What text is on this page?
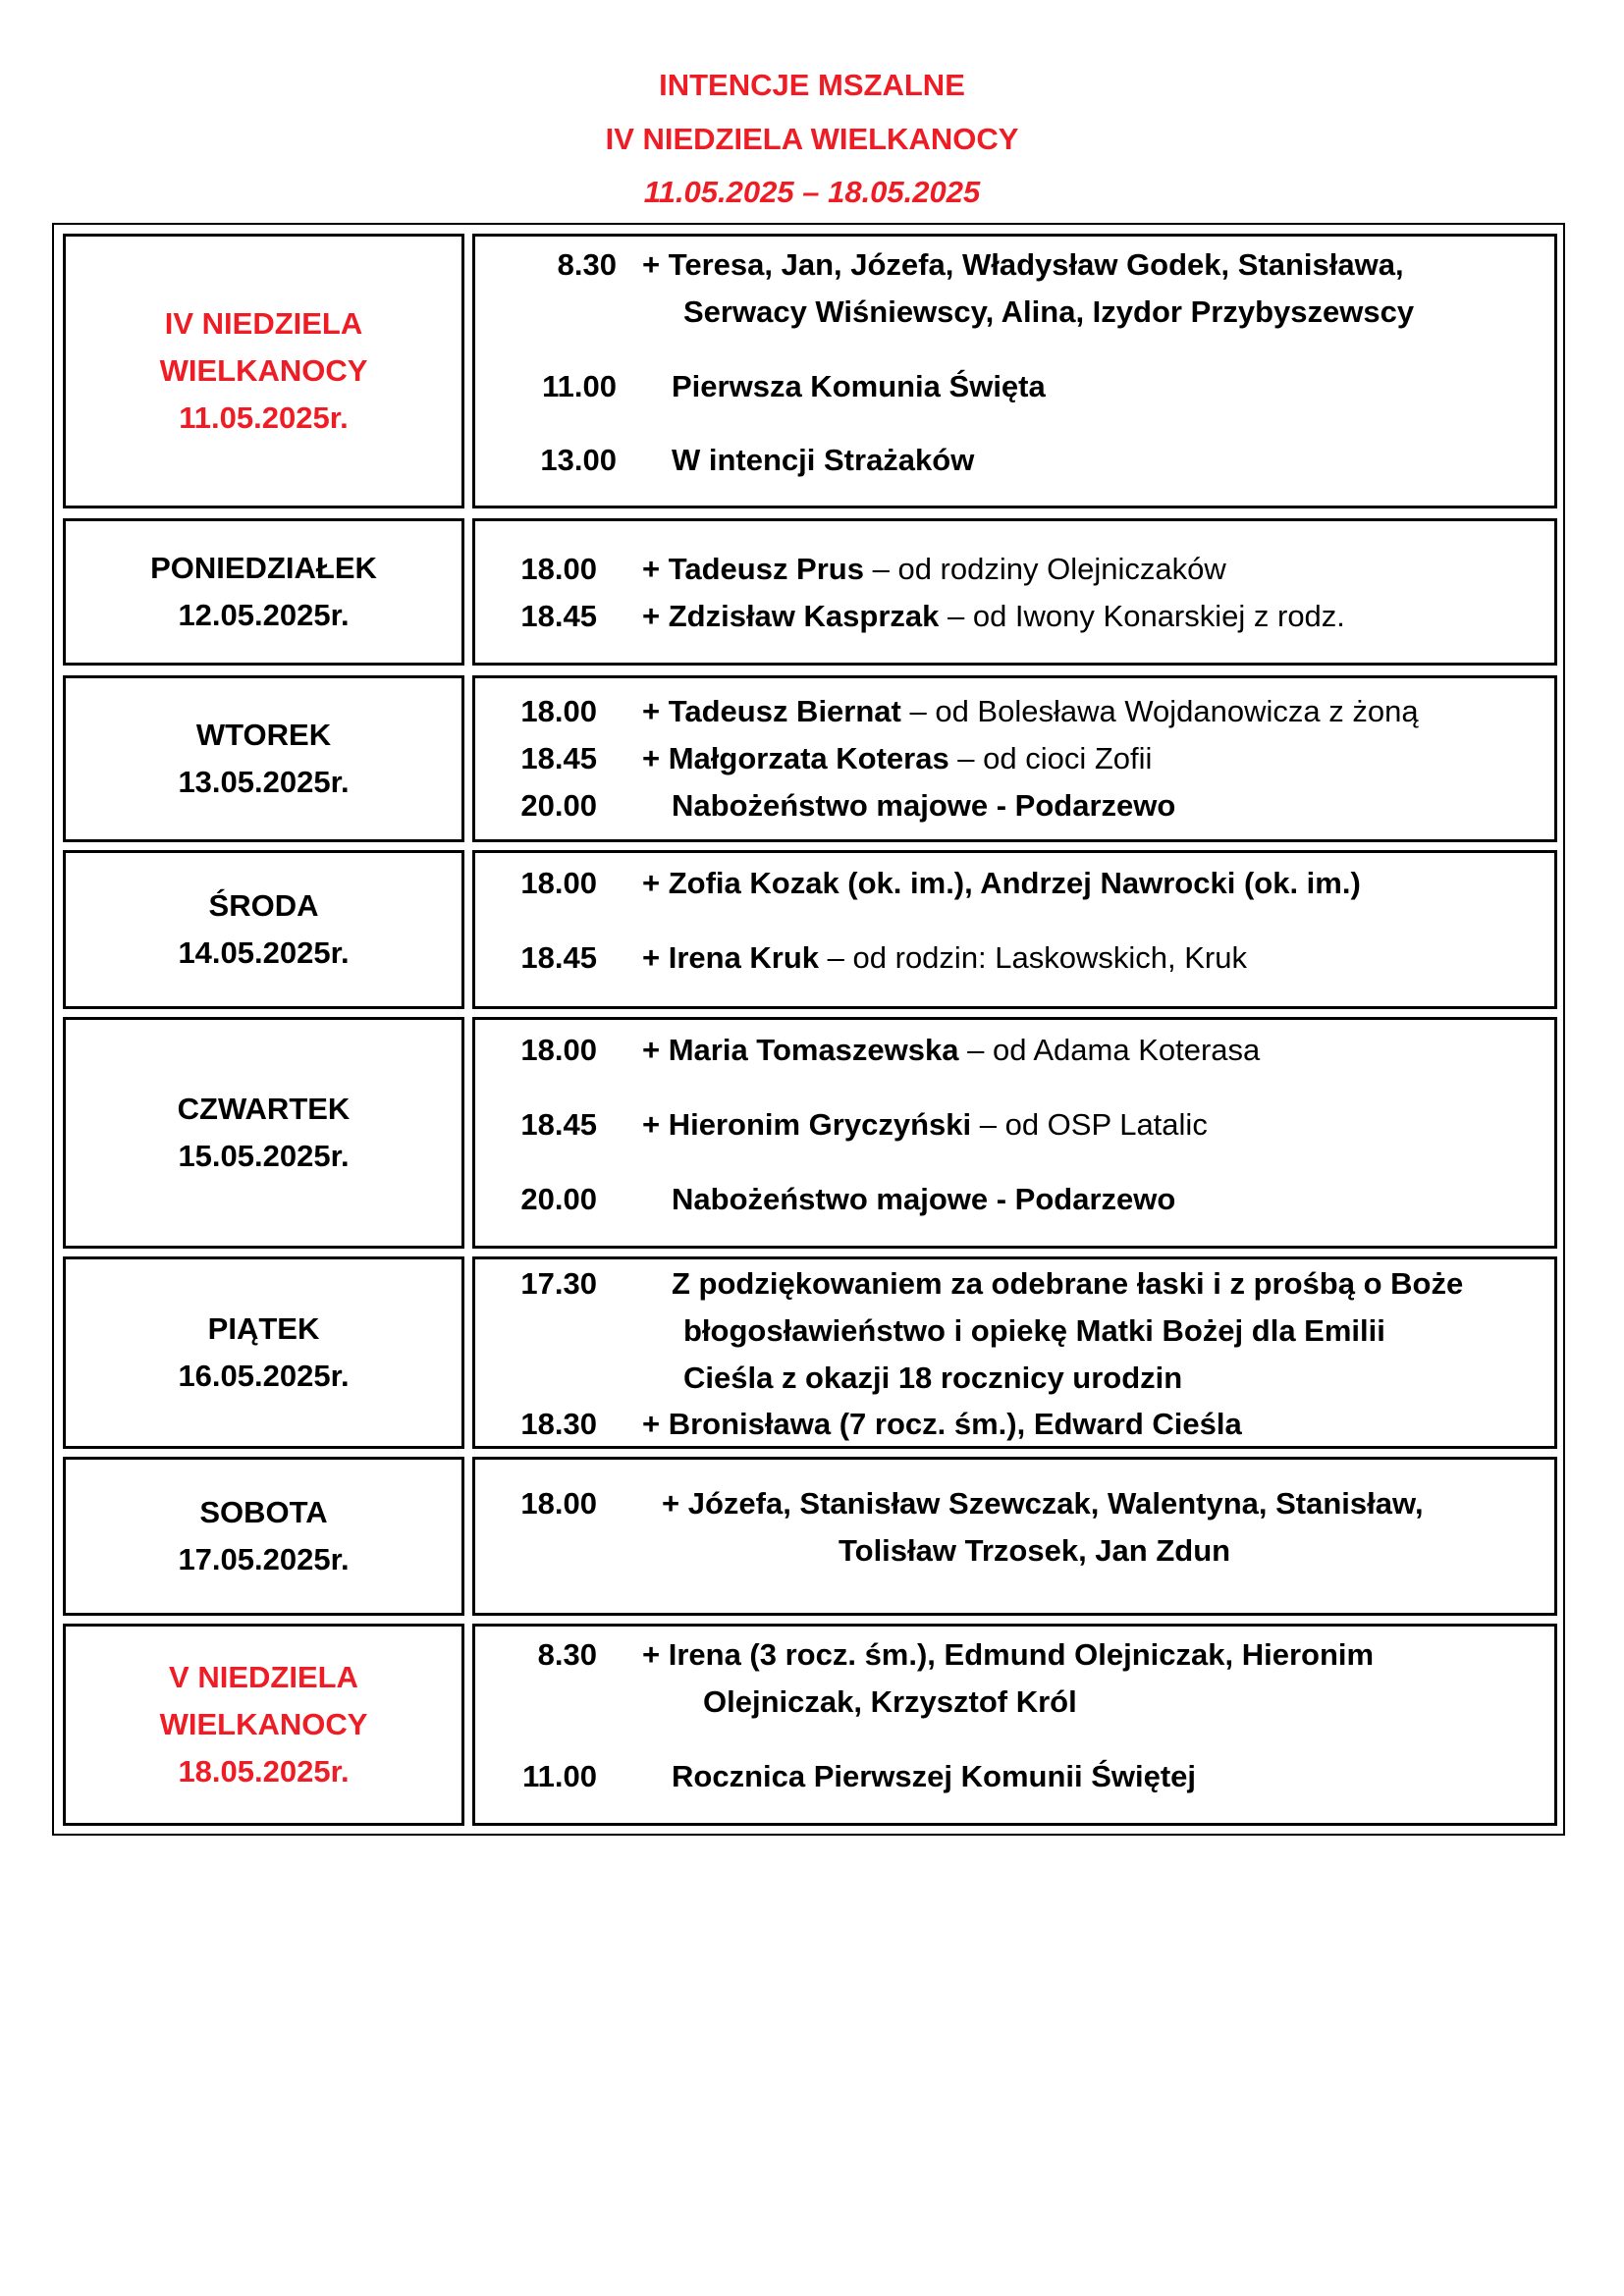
INTENCJE MSZALNE
IV NIEDZIELA WIELKANOCY
11.05.2025 – 18.05.2025
IV NIEDZIELA
WIELKANOCY
11.05.2025r.
8.30 + Teresa, Jan, Józefa, Władysław Godek, Stanisława,
Serwacy Wiśniewscy, Alina, Izydor Przybyszewscy
11.00 Pierwsza Komunia Święta
13.00 W intencji Strażaków
PONIEDZIAŁEK
12.05.2025r.
18.00 + Tadeusz Prus – od rodziny Olejniczaków
18.45 + Zdzisław Kasprzak – od Iwony Konarskiej z rodz.
WTOREK
13.05.2025r.
18.00 + Tadeusz Biernat – od Bolesława Wojdanowicza z żoną
18.45 + Małgorzata Koteras – od cioci Zofii
20.00 Nabożeństwo majowe - Podarzewo
ŚRODA
14.05.2025r.
18.00 + Zofia Kozak (ok. im.), Andrzej Nawrocki (ok. im.)
18.45 + Irena Kruk – od rodzin: Laskowskich, Kruk
CZWARTEK
15.05.2025r.
18.00 + Maria Tomaszewska – od Adama Koterasa
18.45 + Hieronim Gryczyński – od OSP Latalic
20.00 Nabożeństwo majowe - Podarzewo
PIĄTEK
16.05.2025r.
17.30 Z podziękowaniem za odebrane łaski i z prośbą o Boże
błogosławieństwo i opiekę Matki Bożej dla Emilii
Cieśla z okazji 18 rocznicy urodzin
18.30 + Bronisława (7 rocz. śm.), Edward Cieśla
SOBOTA
17.05.2025r.
18.00 + Józefa, Stanisław Szewczak, Walentyna, Stanisław,
Tolisław Trzosek, Jan Zdun
V NIEDZIELA
WIELKANOCY
18.05.2025r.
8.30 + Irena (3 rocz. śm.), Edmund Olejniczak, Hieronim
Olejniczak, Krzysztof Król
11.00 Rocznica Pierwszej Komunii Świętej
